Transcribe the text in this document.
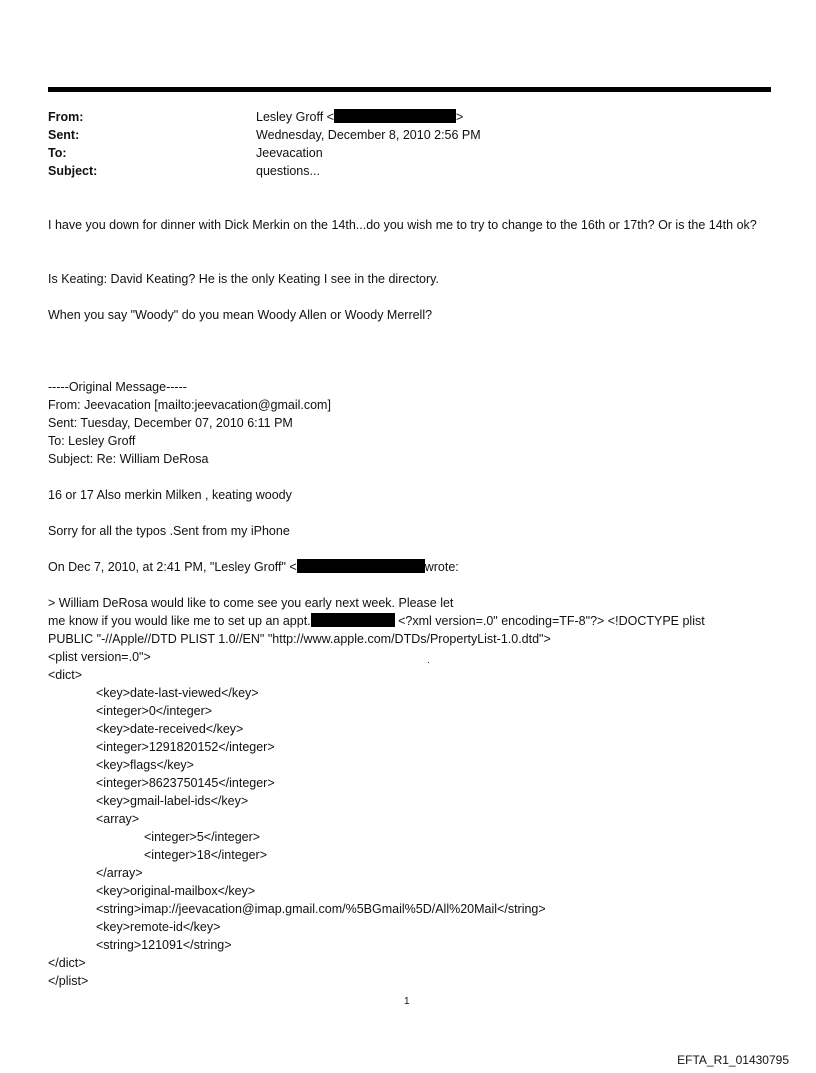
From:	Lesley Groff <	>
Sent:	Wednesday, December 8, 2010 2:56 PM
To:	Jeevacation
Subject:	questions...
I have you down for dinner with Dick Merkin on the 14th...do you wish me to try to change to the 16th or 17th? Or is the 14th ok?
Is Keating: David Keating? He is the only Keating I see in the directory.
When you say "Woody" do you mean Woody Allen or Woody Merrell?
-----Original Message-----
From: Jeevacation [mailto:jeevacation@gmail.com]
Sent: Tuesday, December 07, 2010 6:11 PM
To: Lesley Groff
Subject: Re: William DeRosa
16 or 17 Also merkin Milken , keating woody
Sorry for all the typos .Sent from my iPhone
On Dec 7, 2010, at 2:41 PM, "Lesley Groff" <	wrote:
> William DeRosa would like to come see you early next week. Please let
me know if you would like me to set up an appt.	<?xml version=.0" encoding=TF-8"?> <!DOCTYPE plist
PUBLIC "-//Apple//DTD PLIST 1.0//EN" "http://www.apple.com/DTDs/PropertyList-1.0.dtd">
.
<plist version=.0">
<dict>
<key>date-last-viewed</key>
<integer>0</integer>
<key>date-received</key>
<integer>1291820152</integer>
<key>flags</key>
<integer>8623750145</integer>
<key>gmail-label-ids</key>
<array>
<integer>5</integer>
<integer>18</integer>
</array>
<key>original-mailbox</key>
<string>imap://jeevacation@imap.gmail.com/%5BGmail%5D/All%20Mail</string>
<key>remote-id</key>
<string>121091</string>
</dict>
</plist>
1
EFTA_R1_01430795
